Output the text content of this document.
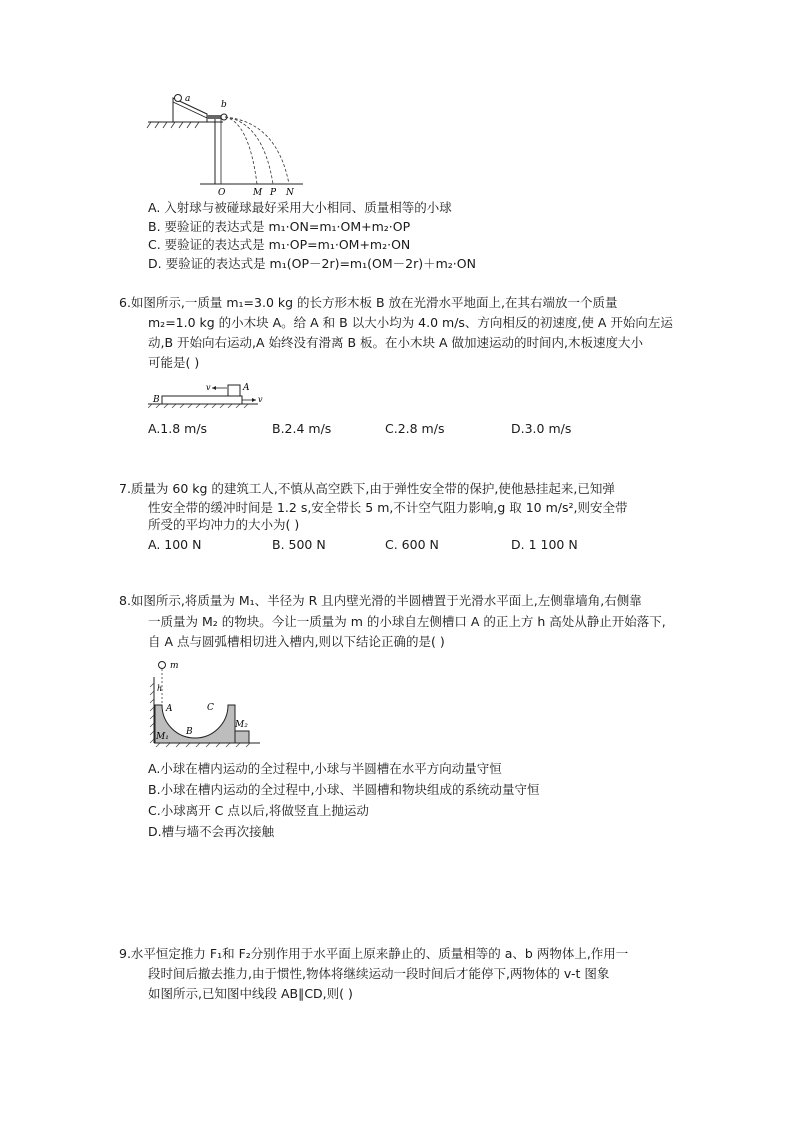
a
b
O	M P N
A. 入射球与被碰球最好采用大小相同、质量相等的小球
B. 要验证的表达式是 m₁·ON=m₁·OM+m₂·OP
C. 要验证的表达式是 m₁·OP=m₁·OM+m₂·ON
D. 要验证的表达式是 m₁(OP－2r)=m₁(OM－2r)＋m₂·ON
6.如图所示,一质量 m₁=3.0 kg 的长方形木板 B 放在光滑水平地面上,在其右端放一个质量
m₂=1.0 kg 的小木块 A。给 A 和 B 以大小均为 4.0 m/s、方向相反的初速度,使 A 开始向左运
动,B 开始向右运动,A 始终没有滑离 B 板。在小木块 A 做加速运动的时间内,木板速度大小
可能是( )
B
A
v
v
A.1.8 m/s	B.2.4 m/s	C.2.8 m/s	D.3.0 m/s
7.质量为 60 kg 的建筑工人,不慎从高空跌下,由于弹性安全带的保护,使他悬挂起来,已知弹
性安全带的缓冲时间是 1.2 s,安全带长 5 m,不计空气阻力影响,g 取 10 m/s²,则安全带
所受的平均冲力的大小为( )
A. 100 N	B. 500 N	C. 600 N	D. 1 100 N
8.如图所示,将质量为 M₁、半径为 R 且内壁光滑的半圆槽置于光滑水平面上,左侧靠墙角,右侧靠
一质量为 M₂ 的物块。今让一质量为 m 的小球自左侧槽口 A 的正上方 h 高处从静止开始落下,
自 A 点与圆弧槽相切进入槽内,则以下结论正确的是( )
m
h
A
B
C
M₁
M₂
A.小球在槽内运动的全过程中,小球与半圆槽在水平方向动量守恒
B.小球在槽内运动的全过程中,小球、半圆槽和物块组成的系统动量守恒
C.小球离开 C 点以后,将做竖直上抛运动
D.槽与墙不会再次接触
9.水平恒定推力 F₁和 F₂分别作用于水平面上原来静止的、质量相等的 a、b 两物体上,作用一
段时间后撤去推力,由于惯性,物体将继续运动一段时间后才能停下,两物体的 v-t 图象
如图所示,已知图中线段 AB∥CD,则( )
